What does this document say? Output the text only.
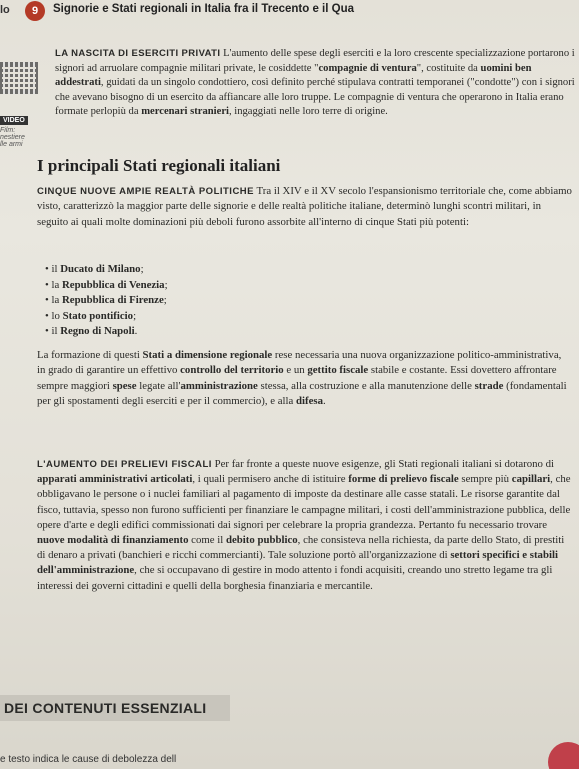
lo	9	Signorie e Stati regionali in Italia fra il Trecento e il Qua
VIDEO
Film:
nestiere
lle armi
LA NASCITA DI ESERCITI PRIVATI L'aumento delle spese degli eserciti e la loro crescente specializzazione portarono i signori ad arruolare compagnie militari private, le cosiddette "compagnie di ventura", costituite da uomini ben addestrati, guidati da un singolo condottiero, così definito perché stipulava contratti temporanei ("condotte") con i signori che avevano bisogno di un esercito da affiancare alle loro truppe. Le compagnie di ventura che operarono in Italia erano formate perlopiù da mercenari stranieri, ingaggiati nelle loro terre di origine.
I principali Stati regionali italiani
CINQUE NUOVE AMPIE REALTÀ POLITICHE Tra il XIV e il XV secolo l'espansionismo territoriale che, come abbiamo visto, caratterizzò la maggior parte delle signorie e delle realtà politiche italiane, determinò lunghi scontri militari, in seguito ai quali molte dominazioni più deboli furono assorbite all'interno di cinque Stati più potenti:
• il Ducato di Milano;
• la Repubblica di Venezia;
• la Repubblica di Firenze;
• lo Stato pontificio;
• il Regno di Napoli.
La formazione di questi Stati a dimensione regionale rese necessaria una nuova organizzazione politico-amministrativa, in grado di garantire un effettivo controllo del territorio e un gettito fiscale stabile e costante. Essi dovettero affrontare sempre maggiori spese legate all'amministrazione stessa, alla costruzione e alla manutenzione delle strade (fondamentali per gli spostamenti degli eserciti e per il commercio), e alla difesa.
L'AUMENTO DEI PRELIEVI FISCALI Per far fronte a queste nuove esigenze, gli Stati regionali italiani si dotarono di apparati amministrativi articolati, i quali permisero anche di istituire forme di prelievo fiscale sempre più capillari, che obbligavano le persone o i nuclei familiari al pagamento di imposte da destinare alle casse statali. Le risorse garantite dal fisco, tuttavia, spesso non furono sufficienti per finanziare le campagne militari, i costi dell'amministrazione pubblica, delle opere d'arte e degli edifici commissionati dai signori per celebrare la propria grandezza. Pertanto fu necessario trovare nuove modalità di finanziamento come il debito pubblico, che consisteva nella richiesta, da parte dello Stato, di prestiti di denaro a privati (banchieri e ricchi commercianti). Tale soluzione portò all'organizzazione di settori specifici e stabili dell'amministrazione, che si occupavano di gestire in modo attento i fondi acquisiti, creando uno stretto legame tra gli interessi dei governi cittadini e quelli della borghesia finanziaria e mercantile.
DEI CONTENUTI ESSENZIALI
e testo indica le cause di debolezza dell
